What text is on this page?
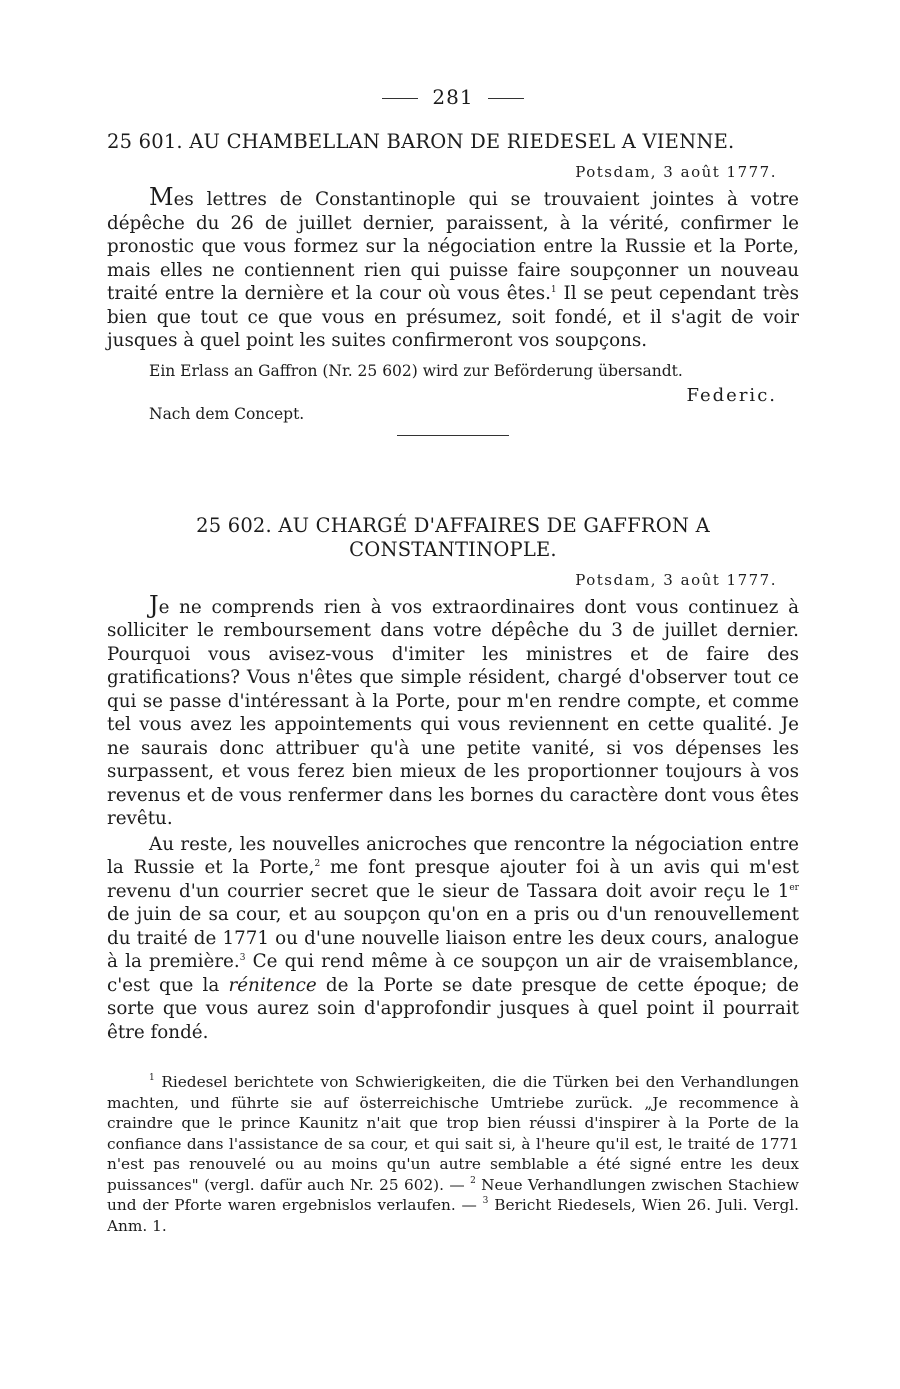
281
25 601. AU CHAMBELLAN BARON DE RIEDESEL A VIENNE.
Potsdam, 3 août 1777.

Mes lettres de Constantinople qui se trouvaient jointes à votre dépêche du 26 de juillet dernier, paraissent, à la vérité, confirmer le pronostic que vous formez sur la négociation entre la Russie et la Porte, mais elles ne contiennent rien qui puisse faire soupçonner un nouveau traité entre la dernière et la cour où vous êtes.$^1$ Il se peut cependant très bien que tout ce que vous en présumez, soit fondé, et il s'agit de voir jusques à quel point les suites confirmeront vos soupçons.

Ein Erlass an Gaffron (Nr. 25 602) wird zur Beförderung übersandt.
Federic.
Nach dem Concept.
25 602. AU CHARGÉ D'AFFAIRES DE GAFFRON A
CONSTANTINOPLE.
Potsdam, 3 août 1777.

Je ne comprends rien à vos extraordinaires dont vous continuez à solliciter le remboursement dans votre dépêche du 3 de juillet dernier. Pourquoi vous avisez-vous d'imiter les ministres et de faire des gratifications? Vous n'êtes que simple résident, chargé d'observer tout ce qui se passe d'intéressant à la Porte, pour m'en rendre compte, et comme tel vous avez les appointements qui vous reviennent en cette qualité. Je ne saurais donc attribuer qu'à une petite vanité, si vos dépenses les surpassent, et vous ferez bien mieux de les proportionner toujours à vos revenus et de vous renfermer dans les bornes du caractère dont vous êtes revêtu.

Au reste, les nouvelles anicroches que rencontre la négociation entre la Russie et la Porte,$^2$ me font presque ajouter foi à un avis qui m'est revenu d'un courrier secret que le sieur de Tassara doit avoir reçu le 1er de juin de sa cour, et au soupçon qu'on en a pris ou d'un renouvellement du traité de 1771 ou d'une nouvelle liaison entre les deux cours, analogue à la première.$^3$ Ce qui rend même à ce soupçon un air de vraisemblance, c'est que la rénitence de la Porte se date presque de cette époque; de sorte que vous aurez soin d'approfondir jusques à quel point il pourrait être fondé.

$^1$ Riedesel berichtete von Schwierigkeiten, die die Türken bei den Verhandlungen machten, und führte sie auf österreichische Umtriebe zurück. „Je recommence à craindre que le prince Kaunitz n'ait que trop bien réussi d'inspirer à la Porte de la confiance dans l'assistance de sa cour, et qui sait si, à l'heure qu'il est, le traité de 1771 n'est pas renouvelé ou au moins qu'un autre semblable a été signé entre les deux puissances" (vergl. dafür auch Nr. 25 602). — $^2$ Neue Verhandlungen zwischen Stachiew und der Pforte waren ergebnislos verlaufen. — $^3$ Bericht Riedesels, Wien 26. Juli. Vergl. Anm. 1.
